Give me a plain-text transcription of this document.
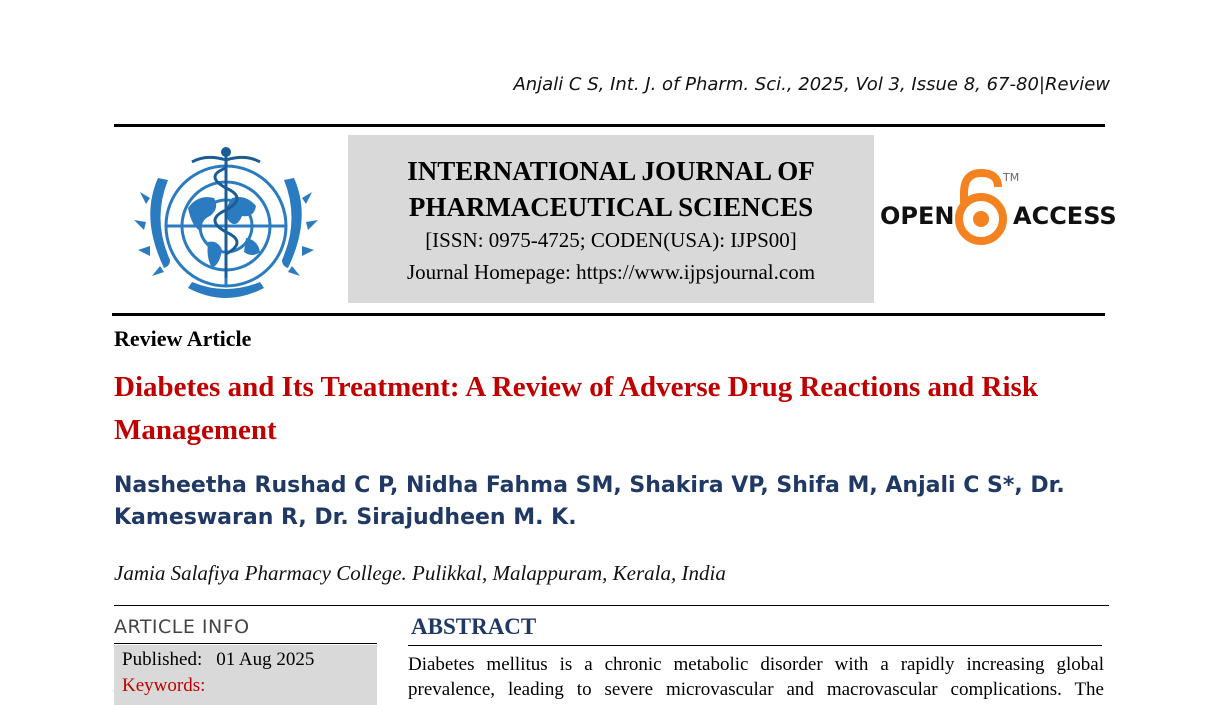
Anjali C S, Int. J. of Pharm. Sci., 2025, Vol 3, Issue 8, 67-80|Review
INTERNATIONAL JOURNAL OF
PHARMACEUTICAL SCIENCES
[ISSN: 0975-4725; CODEN(USA): IJPS00]
Journal Homepage: https://www.ijpsjournal.com
OPEN
TM
ACCESS
Review Article
Diabetes and Its Treatment: A Review of Adverse Drug Reactions and Risk Management
Nasheetha Rushad C P, Nidha Fahma SM, Shakira VP, Shifa M, Anjali C S*, Dr. Kameswaran R, Dr. Sirajudheen M. K.
Jamia Salafiya Pharmacy College. Pulikkal, Malappuram, Kerala, India
ARTICLE INFO
Published: 01 Aug 2025
Keywords:
ABSTRACT
Diabetes mellitus is a chronic metabolic disorder with a rapidly increasing global prevalence, leading to severe microvascular and macrovascular complications. The
